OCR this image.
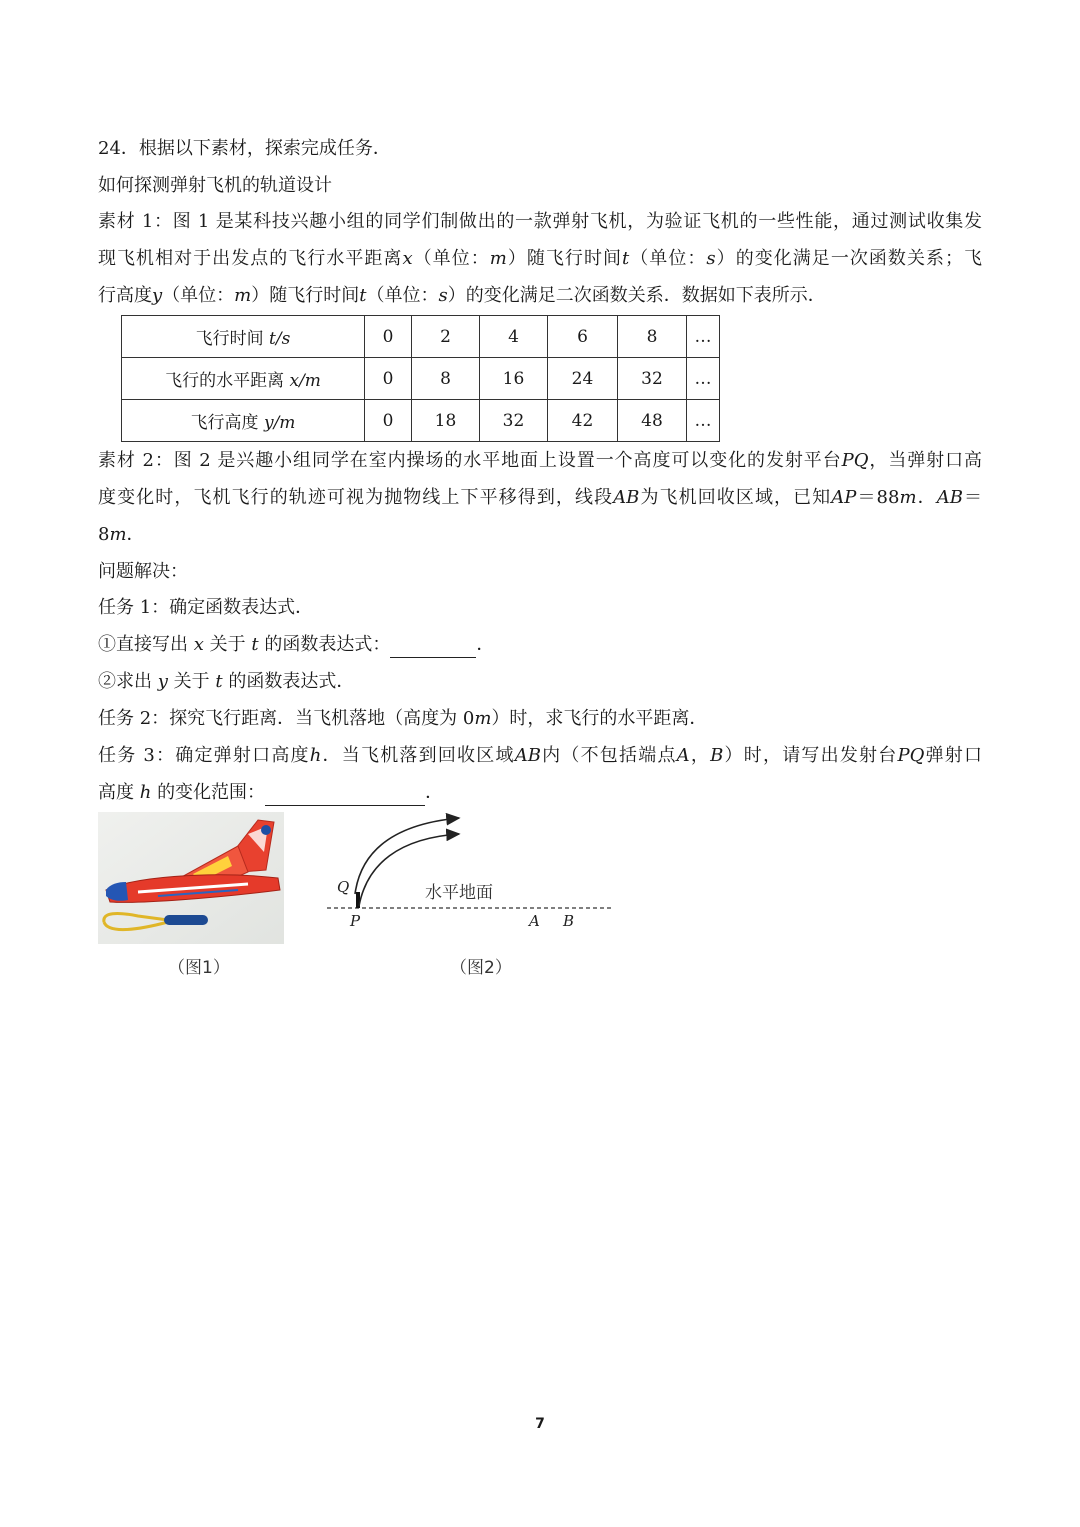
24．根据以下素材，探索完成任务．
如何探测弹射飞机的轨道设计
素材 1：图 1 是某科技兴趣小组的同学们制做出的一款弹射飞机，为验证飞机的一些性能，通过测试收集发
现飞机相对于出发点的飞行水平距离x（单位：m）随飞行时间t（单位：s）的变化满足一次函数关系；飞
行高度y（单位：m）随飞行时间t（单位：s）的变化满足二次函数关系．数据如下表所示．
飞行时间 t/s	0	2	4	6	8	…
飞行的水平距离 x/m	0	8	16	24	32	…
飞行高度 y/m	0	18	32	42	48	…
素材 2：图 2 是兴趣小组同学在室内操场的水平地面上设置一个高度可以变化的发射平台PQ，当弹射口高
度变化时，飞机飞行的轨迹可视为抛物线上下平移得到，线段AB为飞机回收区域，已知AP＝88m．AB＝
8m．
问题解决：
任务 1：确定函数表达式．
①直接写出 x 关于 t 的函数表达式：	．
②求出 y 关于 t 的函数表达式．
任务 2：探究飞行距离．当飞机落地（高度为 0m）时，求飞行的水平距离．
任务 3：确定弹射口高度h．当飞机落到回收区域AB内（不包括端点A，B）时，请写出发射台PQ弹射口
高度 h 的变化范围：	．
Q
P
水平地面
A B
（图1）	（图2）
7
